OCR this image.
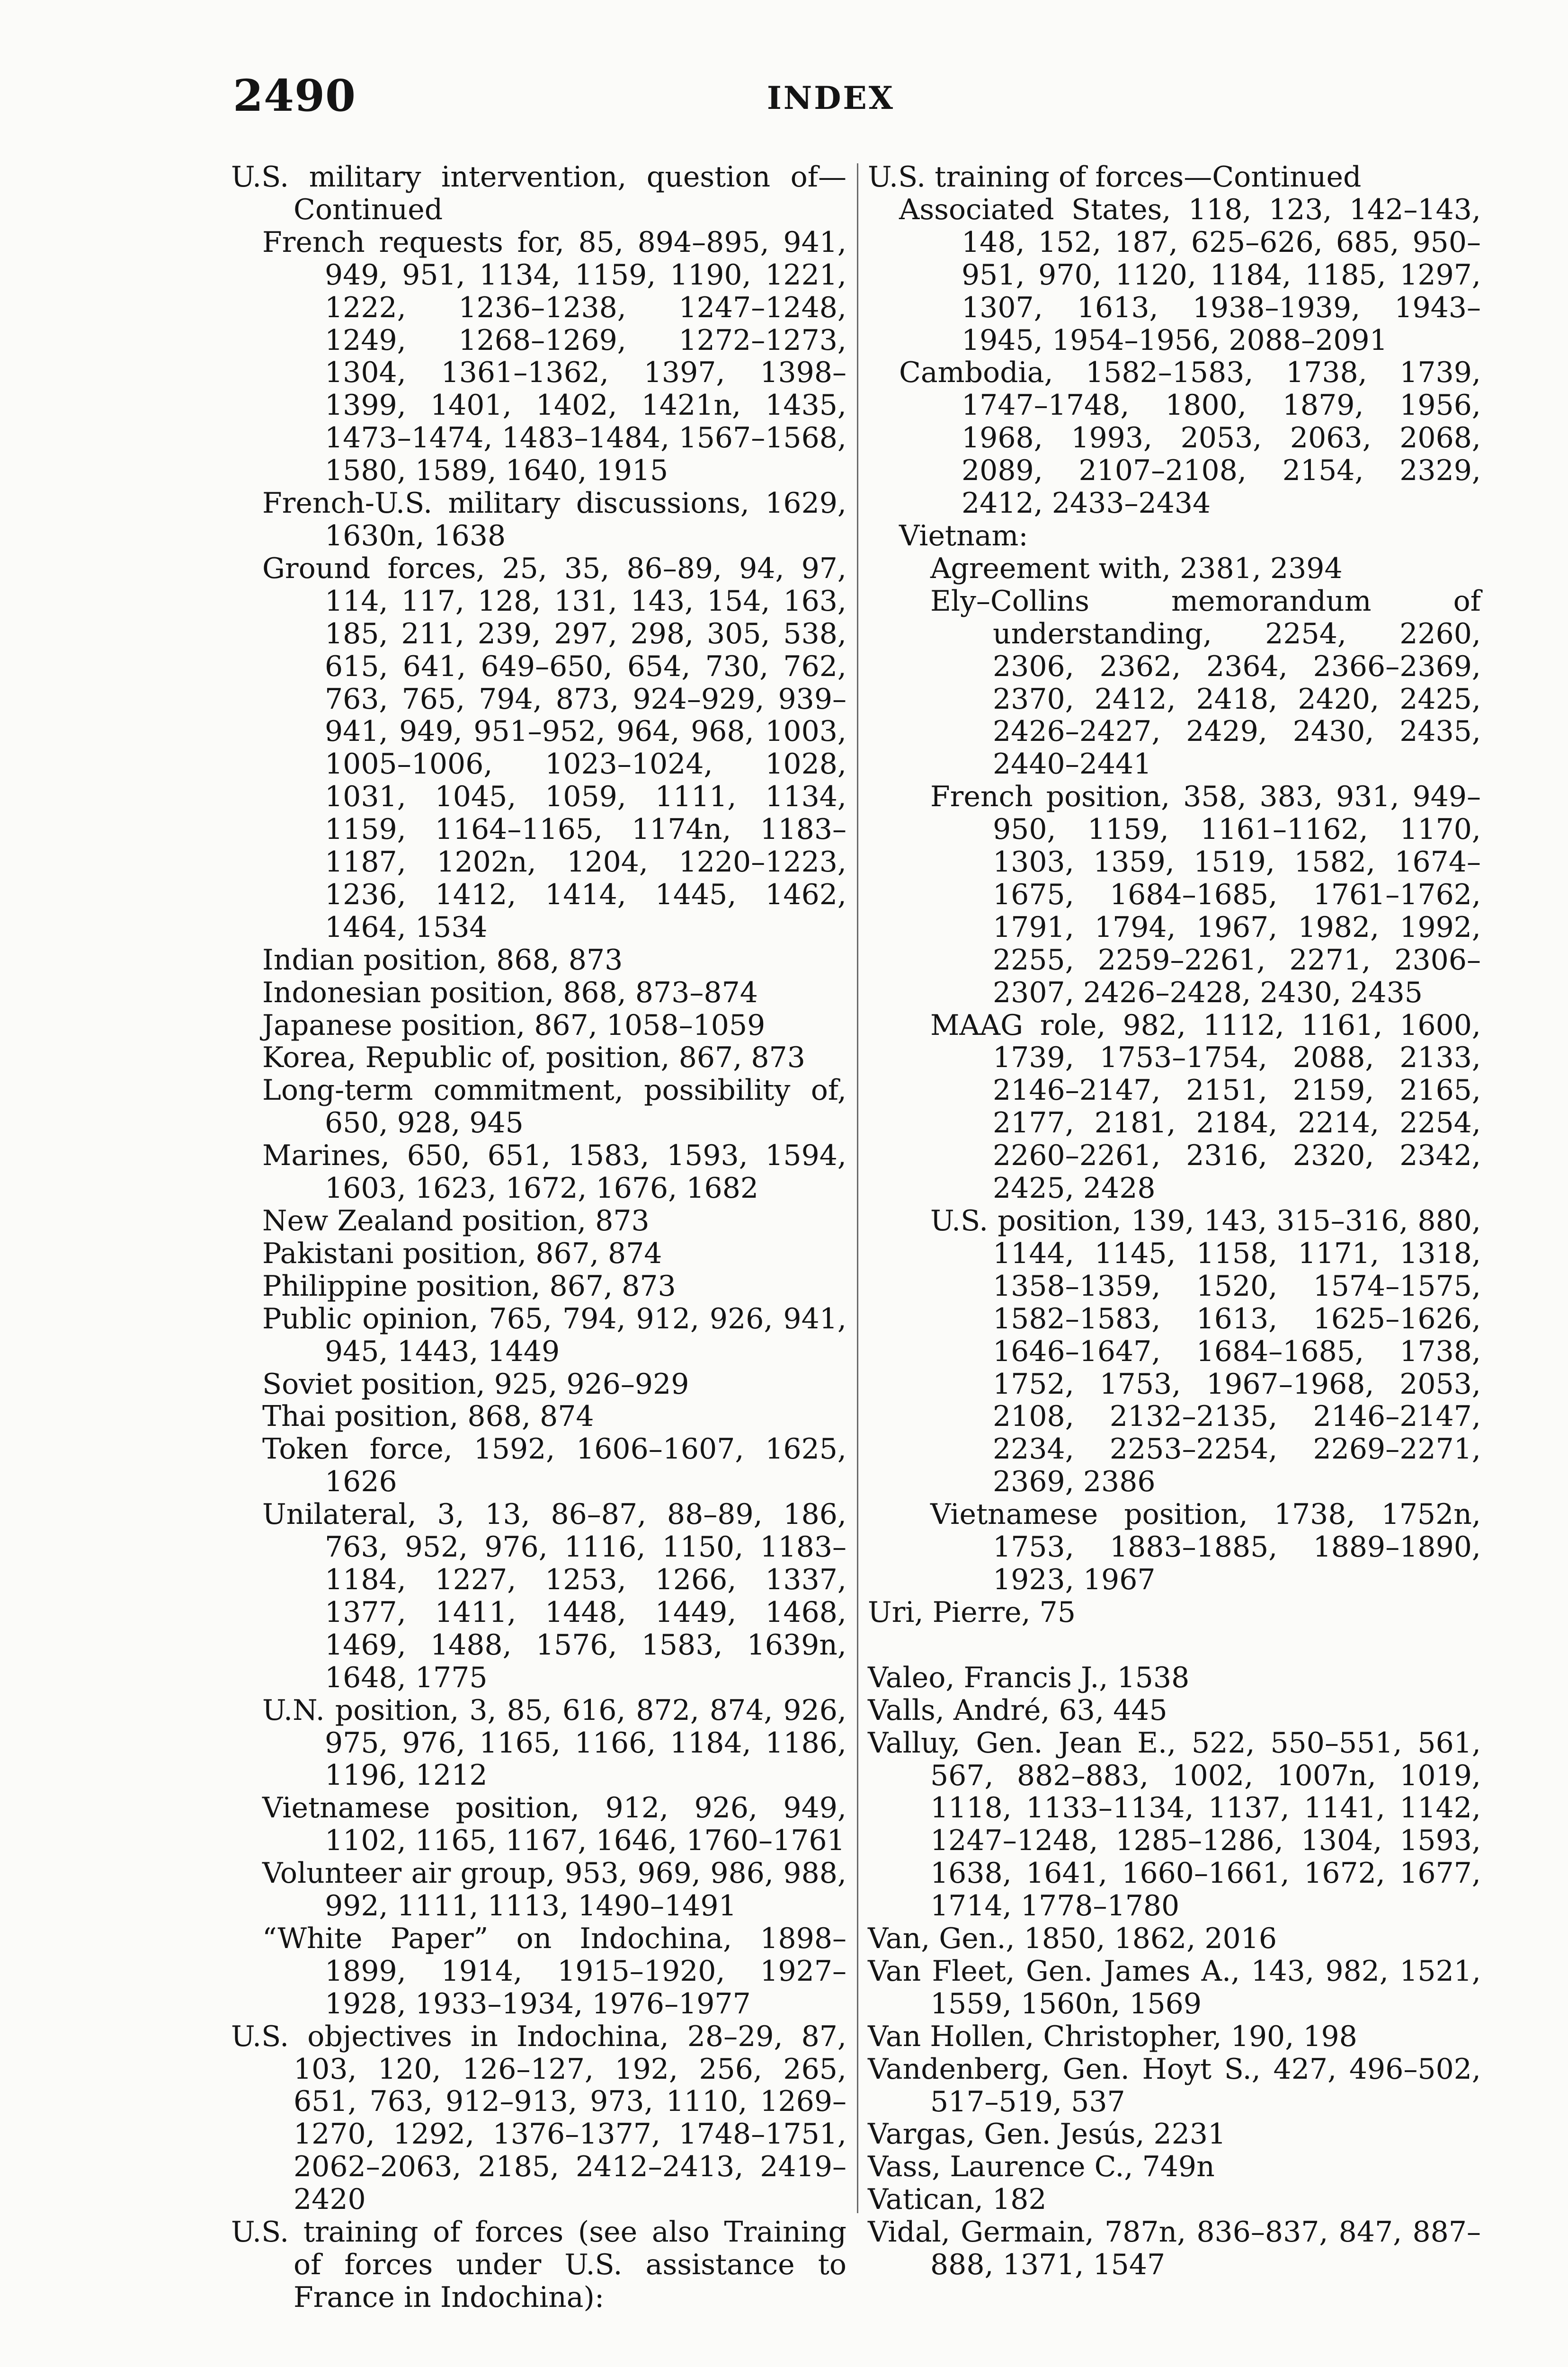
2490	INDEX
U.S. military intervention, question of—Continued
French requests for, 85, 894–895, 941, 949, 951, 1134, 1159, 1190, 1221, 1222, 1236–1238, 1247–1248, 1249, 1268–1269, 1272–1273, 1304, 1361–1362, 1397, 1398–1399, 1401, 1402, 1421n, 1435, 1473–1474, 1483–1484, 1567–1568, 1580, 1589, 1640, 1915
French-U.S. military discussions, 1629, 1630n, 1638
Ground forces, 25, 35, 86–89, 94, 97, 114, 117, 128, 131, 143, 154, 163, 185, 211, 239, 297, 298, 305, 538, 615, 641, 649–650, 654, 730, 762, 763, 765, 794, 873, 924–929, 939–941, 949, 951–952, 964, 968, 1003, 1005–1006, 1023–1024, 1028, 1031, 1045, 1059, 1111, 1134, 1159, 1164–1165, 1174n, 1183–1187, 1202n, 1204, 1220–1223, 1236, 1412, 1414, 1445, 1462, 1464, 1534
Indian position, 868, 873
Indonesian position, 868, 873–874
Japanese position, 867, 1058–1059
Korea, Republic of, position, 867, 873
Long-term commitment, possibility of, 650, 928, 945
Marines, 650, 651, 1583, 1593, 1594, 1603, 1623, 1672, 1676, 1682
New Zealand position, 873
Pakistani position, 867, 874
Philippine position, 867, 873
Public opinion, 765, 794, 912, 926, 941, 945, 1443, 1449
Soviet position, 925, 926–929
Thai position, 868, 874
Token force, 1592, 1606–1607, 1625, 1626
Unilateral, 3, 13, 86–87, 88–89, 186, 763, 952, 976, 1116, 1150, 1183–1184, 1227, 1253, 1266, 1337, 1377, 1411, 1448, 1449, 1468, 1469, 1488, 1576, 1583, 1639n, 1648, 1775
U.N. position, 3, 85, 616, 872, 874, 926, 975, 976, 1165, 1166, 1184, 1186, 1196, 1212
Vietnamese position, 912, 926, 949, 1102, 1165, 1167, 1646, 1760–1761
Volunteer air group, 953, 969, 986, 988, 992, 1111, 1113, 1490–1491
“White Paper” on Indochina, 1898–1899, 1914, 1915–1920, 1927–1928, 1933–1934, 1976–1977
U.S. objectives in Indochina, 28–29, 87, 103, 120, 126–127, 192, 256, 265, 651, 763, 912–913, 973, 1110, 1269–1270, 1292, 1376–1377, 1748–1751, 2062–2063, 2185, 2412–2413, 2419–2420
U.S. training of forces (see also Training of forces under U.S. assistance to France in Indochina):
U.S. training of forces—Continued
Associated States, 118, 123, 142–143, 148, 152, 187, 625–626, 685, 950–951, 970, 1120, 1184, 1185, 1297, 1307, 1613, 1938–1939, 1943–1945, 1954–1956, 2088–2091
Cambodia, 1582–1583, 1738, 1739, 1747–1748, 1800, 1879, 1956, 1968, 1993, 2053, 2063, 2068, 2089, 2107–2108, 2154, 2329, 2412, 2433–2434
Vietnam:
Agreement with, 2381, 2394
Ely–Collins memorandum of understanding, 2254, 2260, 2306, 2362, 2364, 2366–2369, 2370, 2412, 2418, 2420, 2425, 2426–2427, 2429, 2430, 2435, 2440–2441
French position, 358, 383, 931, 949–950, 1159, 1161–1162, 1170, 1303, 1359, 1519, 1582, 1674–1675, 1684–1685, 1761–1762, 1791, 1794, 1967, 1982, 1992, 2255, 2259–2261, 2271, 2306–2307, 2426–2428, 2430, 2435
MAAG role, 982, 1112, 1161, 1600, 1739, 1753–1754, 2088, 2133, 2146–2147, 2151, 2159, 2165, 2177, 2181, 2184, 2214, 2254, 2260–2261, 2316, 2320, 2342, 2425, 2428
U.S. position, 139, 143, 315–316, 880, 1144, 1145, 1158, 1171, 1318, 1358–1359, 1520, 1574–1575, 1582–1583, 1613, 1625–1626, 1646–1647, 1684–1685, 1738, 1752, 1753, 1967–1968, 2053, 2108, 2132–2135, 2146–2147, 2234, 2253–2254, 2269–2271, 2369, 2386
Vietnamese position, 1738, 1752n, 1753, 1883–1885, 1889–1890, 1923, 1967
Uri, Pierre, 75
Valeo, Francis J., 1538
Valls, André, 63, 445
Valluy, Gen. Jean E., 522, 550–551, 561, 567, 882–883, 1002, 1007n, 1019, 1118, 1133–1134, 1137, 1141, 1142, 1247–1248, 1285–1286, 1304, 1593, 1638, 1641, 1660–1661, 1672, 1677, 1714, 1778–1780
Van, Gen., 1850, 1862, 2016
Van Fleet, Gen. James A., 143, 982, 1521, 1559, 1560n, 1569
Van Hollen, Christopher, 190, 198
Vandenberg, Gen. Hoyt S., 427, 496–502, 517–519, 537
Vargas, Gen. Jesús, 2231
Vass, Laurence C., 749n
Vatican, 182
Vidal, Germain, 787n, 836–837, 847, 887–888, 1371, 1547
